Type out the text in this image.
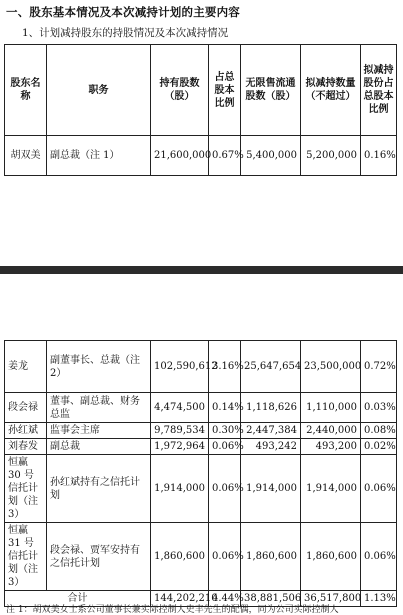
一、股东基本情况及本次减持计划的主要内容
1、计划减持股东的持股情况及本次减持情况
股东名称	职务	持有股数（股）	占总股本比例	无限售流通股数（股）	拟减持数量（不超过）	拟减持股份占总股本比例
胡双美	副总裁（注 1）	21,600,000	0.67%	5,400,000	5,200,000	0.16%
姜龙	副董事长、总裁（注 2）	102,590,612	3.16%	25,647,654	23,500,000	0.72%
段会禄	董事、副总裁、财务总监	4,474,500	0.14%	1,118,626	1,110,000	0.03%
孙红斌	监事会主席	9,789,534	0.30%	2,447,384	2,440,000	0.08%
刘春发	副总裁	1,972,964	0.06%	493,242	493,200	0.02%
恒赢 30 号信托计划（注 3）	孙红斌持有之信托计划	1,914,000	0.06%	1,914,000	1,914,000	0.06%
恒赢 31 号信托计划（注 3）	段会禄、贾军安持有之信托计划	1,860,600	0.06%	1,860,600	1,860,600	0.06%
合计		144,202,210	4.44%	38,881,506	36,517,800	1.13%
注 1：胡双美女士系公司董事长兼实际控制人史丰先生的配偶，同为公司实际控制人
